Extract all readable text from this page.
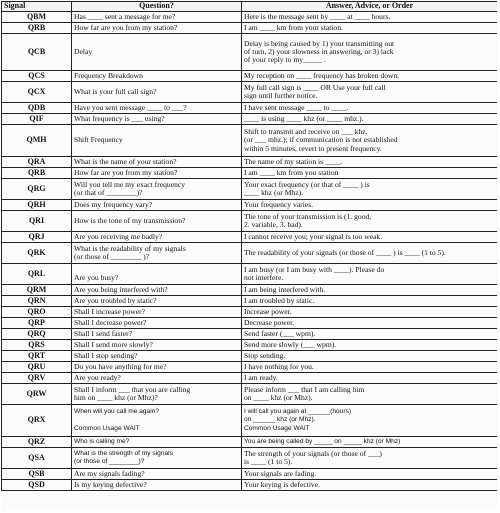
Signal	Question?	Answer, Advice, or Order
QBM	Has ____ sent a message for me?	Here is the message sent by ____ at ____ hours.

QRB	How far are you from my station?	I am ____ km from your station.

QCB	Delay	Delay is being caused by 1) your transmitting out
of turn, 2) your slowness in answering, or 3) lack
of your reply to my_____ .

QCS	Frequency Breakdown	My reception on ____ frequency has broken down.

QCX	What is your full call sign?	My full call sign is ____ OR Use your full call
sign until further notice.

QDB	Have you sent message ____ to ___?	I have sent message ____ to ____.

QIF	What frequency is ___ using?	____ is using ____ khz (or ____ mhz.).

QMH	Shift Frequency	Shift to transmit and receive on ___ khz.
(or ___ mhz.); if communication is not established
within 5 minutes, revert to present frequency.

QRA	What is the name of your station?	The name of my station is ____.

QRB	How far are you from my station?	I am ____ km from you station

QRG	Will you tell me my exact frequency
(or that of ________)?	Your exact frequency (or that of ____ ) is
____ khz (or Mhz).

QRH	Does my frequency vary?	Your frequency varies.

QRI	How is the tone of my transmission?	The tone of your transmission is (1. good,
2. variable, 3. bad).

QRJ	Are you receiving me badly?	I cannot receive you; your signal is too weak.

QRK	What is the readability of my signals
(or those of ________ )?	The readability of your signals (or those of ____ ) is ____ (1 to 5).

QRL	Are you busy?	I am busy (or I am busy with ____). Please do
not interfere.

QRM	Are you being interfered with?	I am being interfered with.

QRN	Are you troubled by static?	I am troubled by static.

QRO	Shall I increase power?	Increase power.

QRP	Shall I decrease power?	Decrease power.

QRQ	Shall I send faster?	Send faster (___ wpm).

QRS	Shall I send more slowly?	Send more slowly (___ wpm).

QRT	Shall I stop sending?	Stop sending.

QRU	Do you have anything for me?	I have nothing for you.

QRV	Are you ready?	I am ready.

QRW	Shall I inform ___ that you are calling
him on ____ khz (or Mhz)?	Please inform ___ that I am calling him
on ____ khz (or Mhz).

QRX	When will you call me again?

Common Usage WAIT	I will call you again at ______(hours)
on ______ khz (or Mhz).
Common Usage WAIT

QRZ	Who is calling me?	You are being called by _____ on _____ khz (or Mhz)

QSA	What is the strength of my signals
(or those of ________)?	The strength of your signals (or those of ___)
is ____ (1 to 5).

QSB	Are my signals fading?	Your signals are fading.

QSD	Is my keying defective?	Your keying is defective.
